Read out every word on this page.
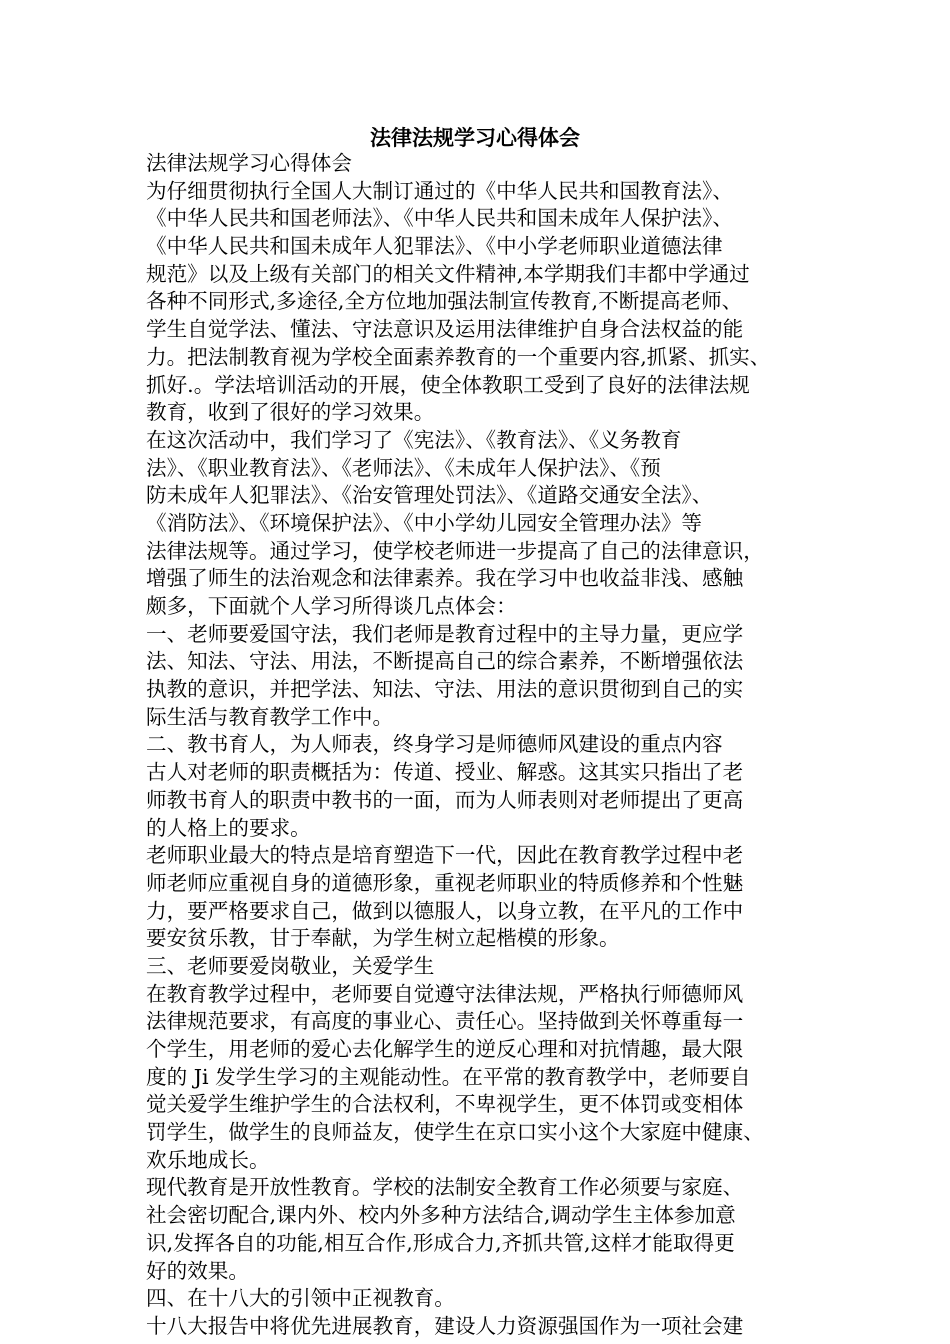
法律法规学习心得体会
法律法规学习心得体会
为仔细贯彻执行全国人大制订通过的《中华人民共和国教育法》、
《中华人民共和国老师法》、《中华人民共和国未成年人保护法》、
《中华人民共和国未成年人犯罪法》、《中小学老师职业道德法律
规范》以及上级有关部门的相关文件精神,本学期我们丰都中学通过
各种不同形式,多途径,全方位地加强法制宣传教育,不断提高老师、
学生自觉学法、懂法、守法意识及运用法律维护自身合法权益的能
力。把法制教育视为学校全面素养教育的一个重要内容,抓紧、抓实、
抓好.。学法培训活动的开展，使全体教职工受到了良好的法律法规
教育，收到了很好的学习效果。
在这次活动中，我们学习了《宪法》、《教育法》、《义务教育
法》、《职业教育法》、《老师法》、《未成年人保护法》、《预
防未成年人犯罪法》、《治安管理处罚法》、《道路交通安全法》、
《消防法》、《环境保护法》、《中小学幼儿园安全管理办法》等
法律法规等。通过学习，使学校老师进一步提高了自己的法律意识，
增强了师生的法治观念和法律素养。我在学习中也收益非浅、感触
颇多，下面就个人学习所得谈几点体会：
一、老师要爱国守法，我们老师是教育过程中的主导力量，更应学
法、知法、守法、用法，不断提高自己的综合素养，不断增强依法
执教的意识，并把学法、知法、守法、用法的意识贯彻到自己的实
际生活与教育教学工作中。
二、教书育人，为人师表，终身学习是师德师风建设的重点内容
古人对老师的职责概括为：传道、授业、解惑。这其实只指出了老
师教书育人的职责中教书的一面，而为人师表则对老师提出了更高
的人格上的要求。
老师职业最大的特点是培育塑造下一代，因此在教育教学过程中老
师老师应重视自身的道德形象，重视老师职业的特质修养和个性魅
力，要严格要求自己，做到以德服人，以身立教，在平凡的工作中
要安贫乐教，甘于奉献，为学生树立起楷模的形象。
三、老师要爱岗敬业，关爱学生
在教育教学过程中，老师要自觉遵守法律法规，严格执行师德师风
法律规范要求，有高度的事业心、责任心。坚持做到关怀尊重每一
个学生，用老师的爱心去化解学生的逆反心理和对抗情趣，最大限
度的 Ji 发学生学习的主观能动性。在平常的教育教学中，老师要自
觉关爱学生维护学生的合法权利，不卑视学生，更不体罚或变相体
罚学生，做学生的良师益友，使学生在京口实小这个大家庭中健康、
欢乐地成长。
现代教育是开放性教育。学校的法制安全教育工作必须要与家庭、
社会密切配合,课内外、校内外多种方法结合,调动学生主体参加意
识,发挥各自的功能,相互合作,形成合力,齐抓共管,这样才能取得更
好的效果。
四、在十八大的引领中正视教育。
十八大报告中将优先进展教育，建设人力资源强国作为一项社会建
